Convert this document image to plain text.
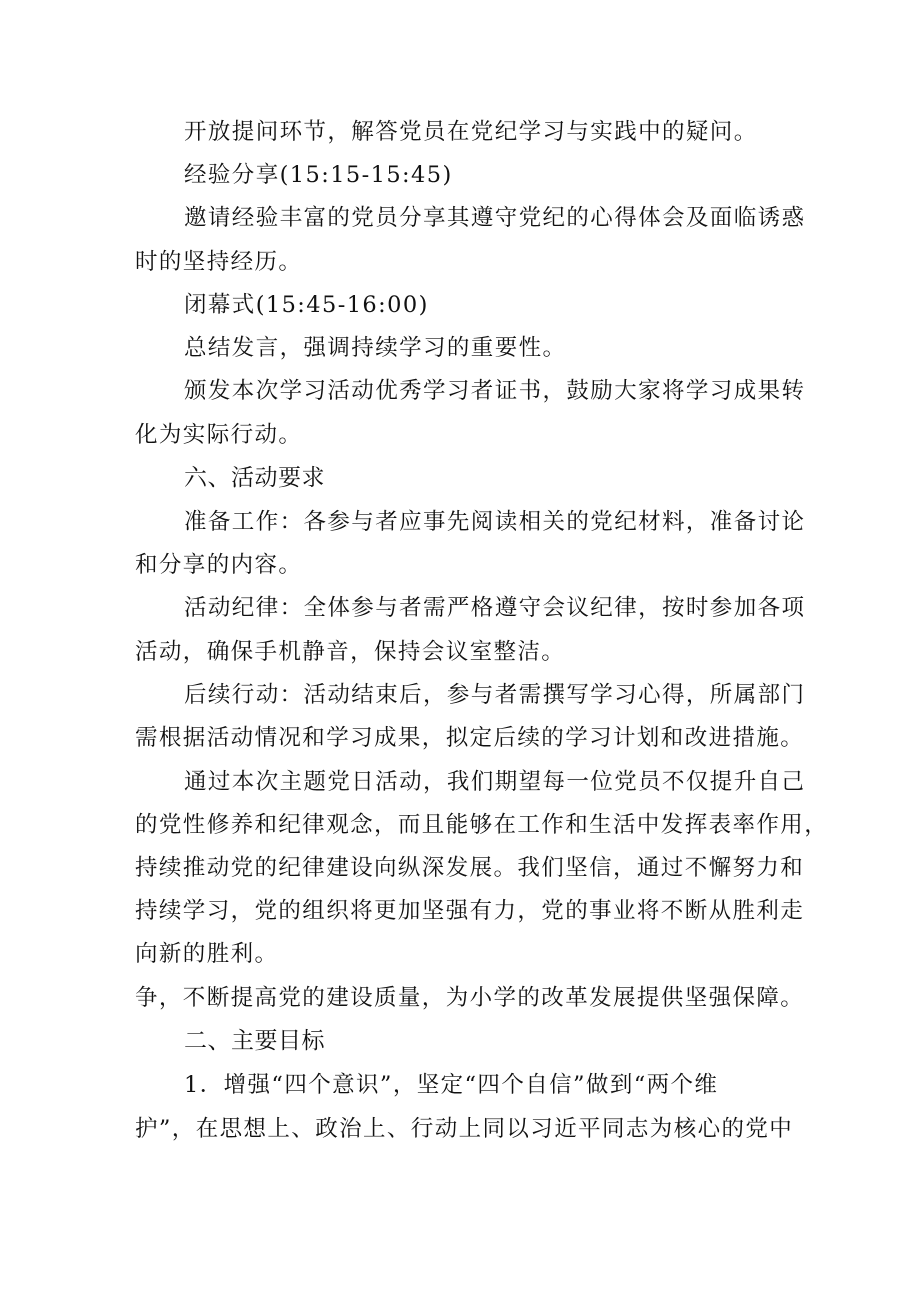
开放提问环节，解答党员在党纪学习与实践中的疑问。
经验分享(15:15-15:45)
邀请经验丰富的党员分享其遵守党纪的心得体会及面临诱惑
时的坚持经历。
闭幕式(15:45-16:00)
总结发言，强调持续学习的重要性。
颁发本次学习活动优秀学习者证书，鼓励大家将学习成果转
化为实际行动。
六、活动要求
准备工作：各参与者应事先阅读相关的党纪材料，准备讨论
和分享的内容。
活动纪律：全体参与者需严格遵守会议纪律，按时参加各项
活动，确保手机静音，保持会议室整洁。
后续行动：活动结束后，参与者需撰写学习心得，所属部门
需根据活动情况和学习成果，拟定后续的学习计划和改进措施。
通过本次主题党日活动，我们期望每一位党员不仅提升自己
的党性修养和纪律观念，而且能够在工作和生活中发挥表率作用，
持续推动党的纪律建设向纵深发展。我们坚信，通过不懈努力和
持续学习，党的组织将更加坚强有力，党的事业将不断从胜利走
向新的胜利。
争，不断提高党的建设质量，为小学的改革发展提供坚强保障。
二、主要目标
1．增强“四个意识”，坚定“四个自信”做到“两个维
护”，在思想上、政治上、行动上同以习近平同志为核心的党中
